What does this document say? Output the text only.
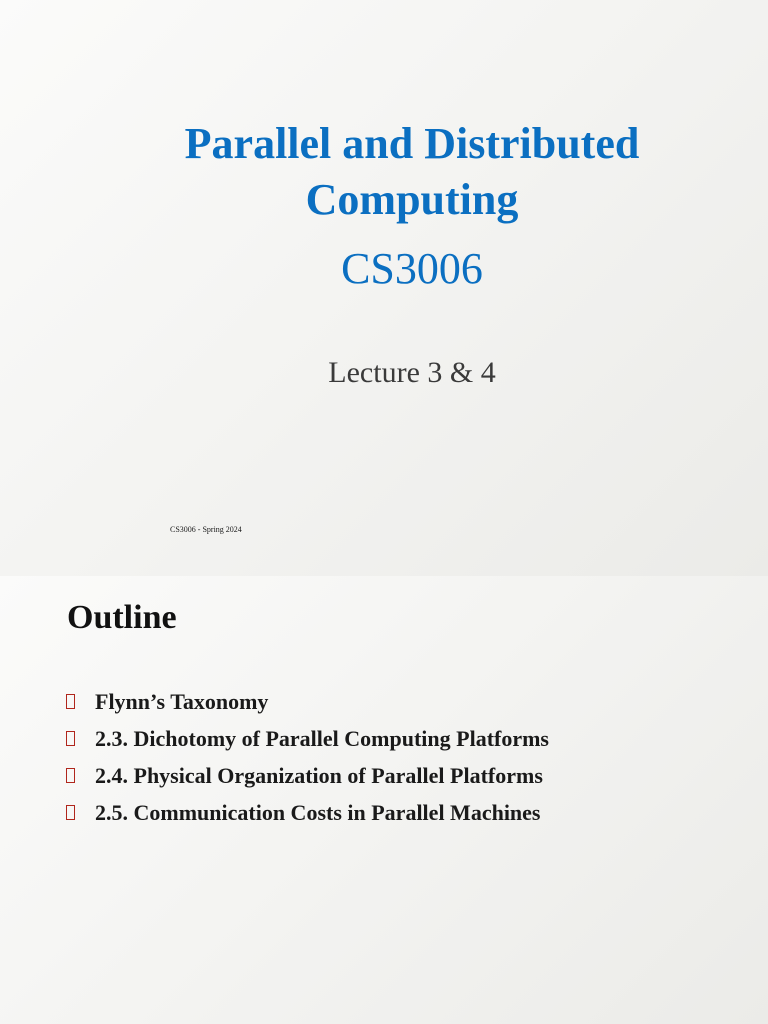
Parallel and Distributed
Computing
CS3006
Lecture 3 & 4
CS3006 - Spring 2024
Outline
Flynn’s Taxonomy
2.3. Dichotomy of Parallel Computing Platforms
2.4. Physical Organization of Parallel Platforms
2.5. Communication Costs in Parallel Machines
